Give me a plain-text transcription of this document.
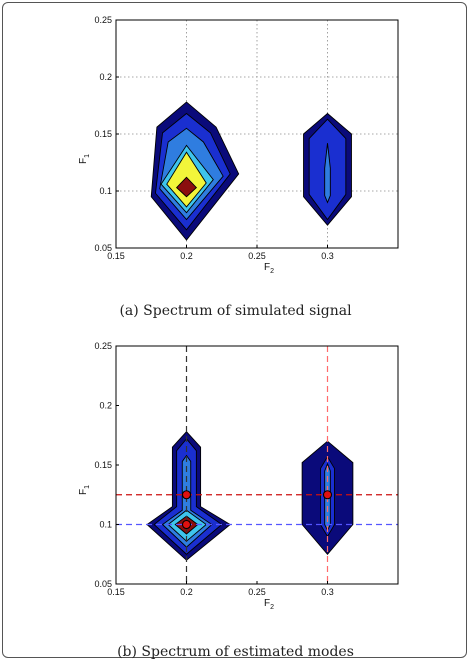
0.15	0.2	0.25	0.3
0.05
0.1
0.15
0.2
0.25
$F_2$
$F_1$
(a) Spectrum of simulated signal
0.15	0.2	0.25	0.3
0.05
0.1
0.15
0.2
0.25
$F_2$
$F_1$
(b) Spectrum of estimated modes
